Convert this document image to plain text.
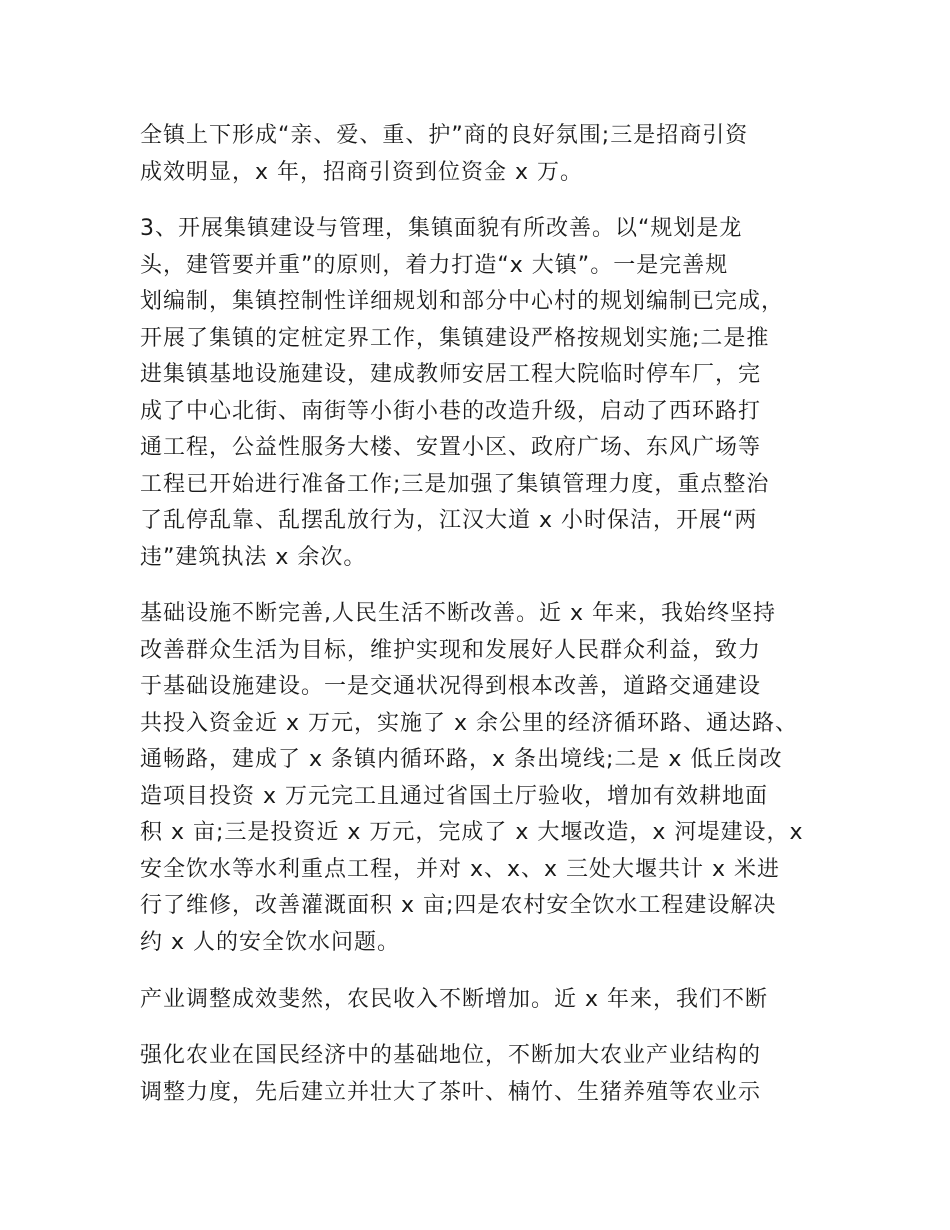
全镇上下形成“亲、爱、重、护”商的良好氛围;三是招商引资
成效明显，x 年，招商引资到位资金 x 万。
3、开展集镇建设与管理，集镇面貌有所改善。以“规划是龙
头，建管要并重”的原则，着力打造“x 大镇”。一是完善规
划编制，集镇控制性详细规划和部分中心村的规划编制已完成，
开展了集镇的定桩定界工作，集镇建设严格按规划实施;二是推
进集镇基地设施建设，建成教师安居工程大院临时停车厂，完
成了中心北街、南街等小街小巷的改造升级，启动了西环路打
通工程，公益性服务大楼、安置小区、政府广场、东风广场等
工程已开始进行准备工作;三是加强了集镇管理力度，重点整治
了乱停乱靠、乱摆乱放行为，江汉大道 x 小时保洁，开展“两
违”建筑执法 x 余次。
基础设施不断完善,人民生活不断改善。近 x 年来，我始终坚持
改善群众生活为目标，维护实现和发展好人民群众利益，致力
于基础设施建设。一是交通状况得到根本改善，道路交通建设
共投入资金近 x 万元，实施了 x 余公里的经济循环路、通达路、
通畅路，建成了 x 条镇内循环路，x 条出境线;二是 x 低丘岗改
造项目投资 x 万元完工且通过省国土厅验收，增加有效耕地面
积 x 亩;三是投资近 x 万元，完成了 x 大堰改造，x 河堤建设，x
安全饮水等水利重点工程，并对 x、x、x 三处大堰共计 x 米进
行了维修，改善灌溉面积 x 亩;四是农村安全饮水工程建设解决
约 x 人的安全饮水问题。
产业调整成效斐然，农民收入不断增加。近 x 年来，我们不断
强化农业在国民经济中的基础地位，不断加大农业产业结构的
调整力度，先后建立并壮大了茶叶、楠竹、生猪养殖等农业示
